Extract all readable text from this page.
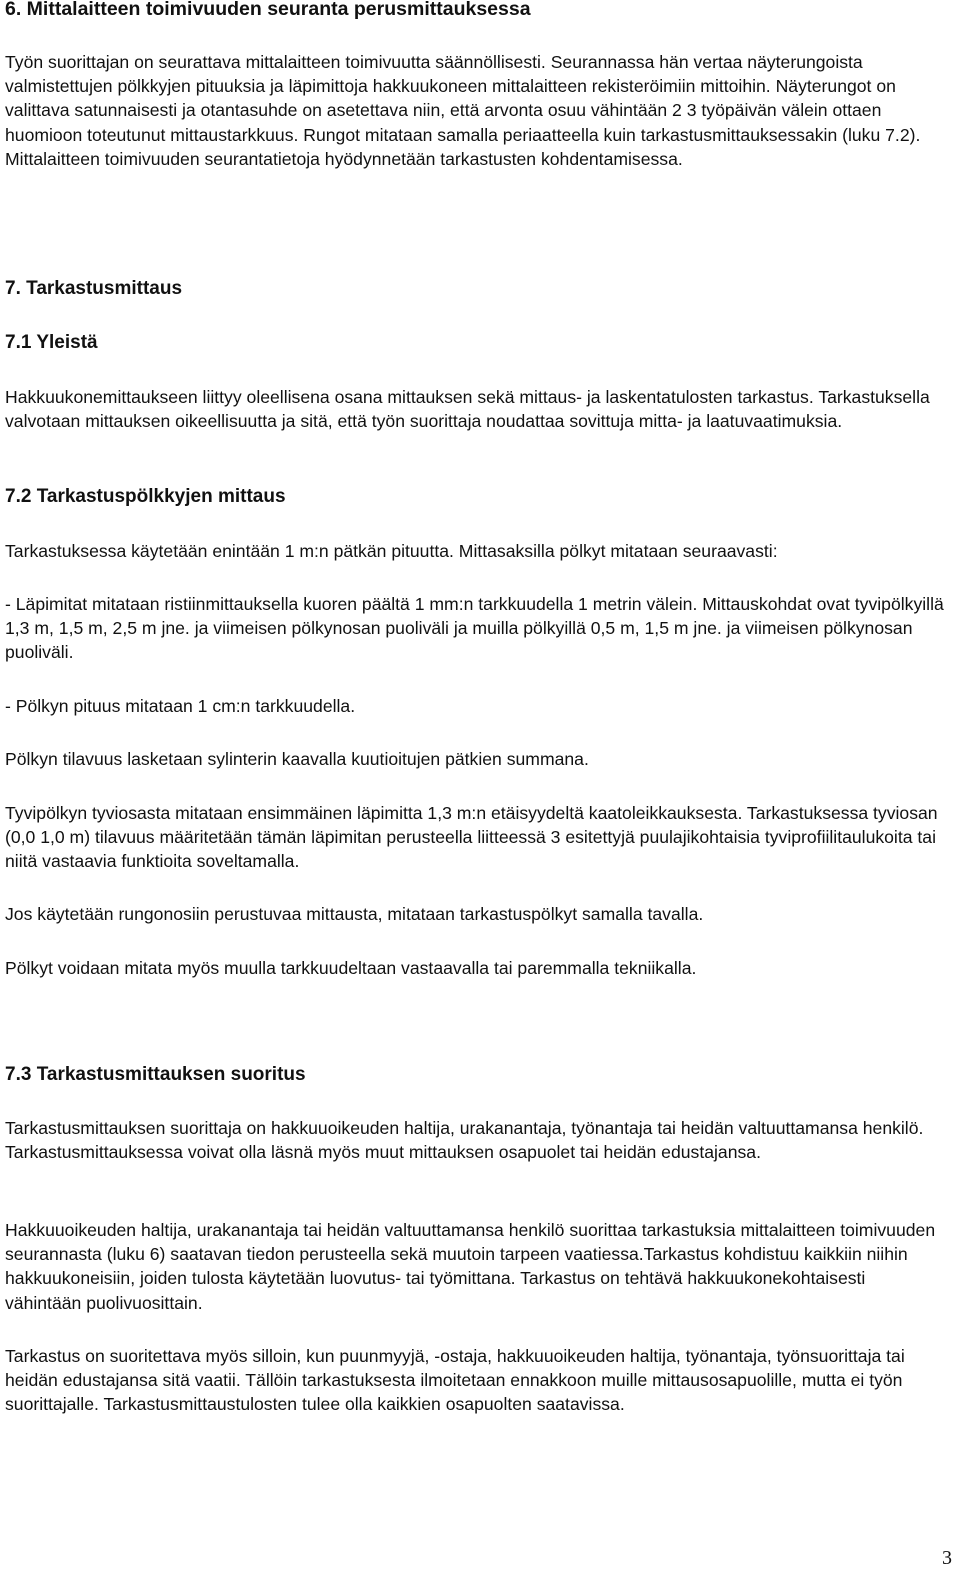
6. Mittalaitteen toimivuuden seuranta perusmittauksessa

Työn suorittajan on seurattava mittalaitteen toimivuutta säännöllisesti. Seurannassa hän vertaa näyterungoista valmistettujen pölkkyjen pituuksia ja läpimittoja hakkuukoneen mittalaitteen rekisteröimiin mittoihin. Näyterungot on valittava satunnaisesti ja otantasuhde on asetettava niin, että arvonta osuu vähintään 2 3 työpäivän välein ottaen huomioon toteutunut mittaustarkkuus. Rungot mitataan samalla periaatteella kuin tarkastusmittauksessakin (luku 7.2). Mittalaitteen toimivuuden seurantatietoja hyödynnetään tarkastusten kohdentamisessa.

7. Tarkastusmittaus
7.1 Yleistä

Hakkuukonemittaukseen liittyy oleellisena osana mittauksen sekä mittaus- ja laskentatulosten tarkastus. Tarkastuksella valvotaan mittauksen oikeellisuutta ja sitä, että työn suorittaja noudattaa sovittuja mitta- ja laatuvaatimuksia.

7.2 Tarkastuspölkkyjen mittaus

Tarkastuksessa käytetään enintään 1 m:n pätkän pituutta. Mittasaksilla pölkyt mitataan seuraavasti:

- Läpimitat mitataan ristiinmittauksella kuoren päältä 1 mm:n tarkkuudella 1 metrin välein. Mittauskohdat ovat tyvipölkyillä 1,3 m, 1,5 m, 2,5 m jne. ja viimeisen pölkynosan puoliväli ja muilla pölkyillä 0,5 m, 1,5 m jne. ja viimeisen pölkynosan puoliväli.

- Pölkyn pituus mitataan 1 cm:n tarkkuudella.

Pölkyn tilavuus lasketaan sylinterin kaavalla kuutioitujen pätkien summana.

Tyvipölkyn tyviosasta mitataan ensimmäinen läpimitta 1,3 m:n etäisyydeltä kaatoleikkauksesta. Tarkastuksessa tyviosan (0,0 1,0 m) tilavuus määritetään tämän läpimitan perusteella liitteessä 3 esitettyjä puulajikohtaisia tyviprofiilitaulukoita tai niitä vastaavia funktioita soveltamalla.

Jos käytetään rungonosiin perustuvaa mittausta, mitataan tarkastuspölkyt samalla tavalla.

Pölkyt voidaan mitata myös muulla tarkkuudeltaan vastaavalla tai paremmalla tekniikalla.

7.3 Tarkastusmittauksen suoritus

Tarkastusmittauksen suorittaja on hakkuuoikeuden haltija, urakanantaja, työnantaja tai heidän valtuuttamansa henkilö. Tarkastusmittauksessa voivat olla läsnä myös muut mittauksen osapuolet tai heidän edustajansa.

Hakkuuoikeuden haltija, urakanantaja tai heidän valtuuttamansa henkilö suorittaa tarkastuksia mittalaitteen toimivuuden seurannasta (luku 6) saatavan tiedon perusteella sekä muutoin tarpeen vaatiessa.Tarkastus kohdistuu kaikkiin niihin hakkuukoneisiin, joiden tulosta käytetään luovutus- tai työmittana. Tarkastus on tehtävä hakkuukonekohtaisesti vähintään puolivuosittain.

Tarkastus on suoritettava myös silloin, kun puunmyyjä, -ostaja, hakkuuoikeuden haltija, työnantaja, työnsuorittaja tai heidän edustajansa sitä vaatii. Tällöin tarkastuksesta ilmoitetaan ennakkoon muille mittausosapuolille, mutta ei työn suorittajalle. Tarkastusmittaustulosten tulee olla kaikkien osapuolten saatavissa.

3
